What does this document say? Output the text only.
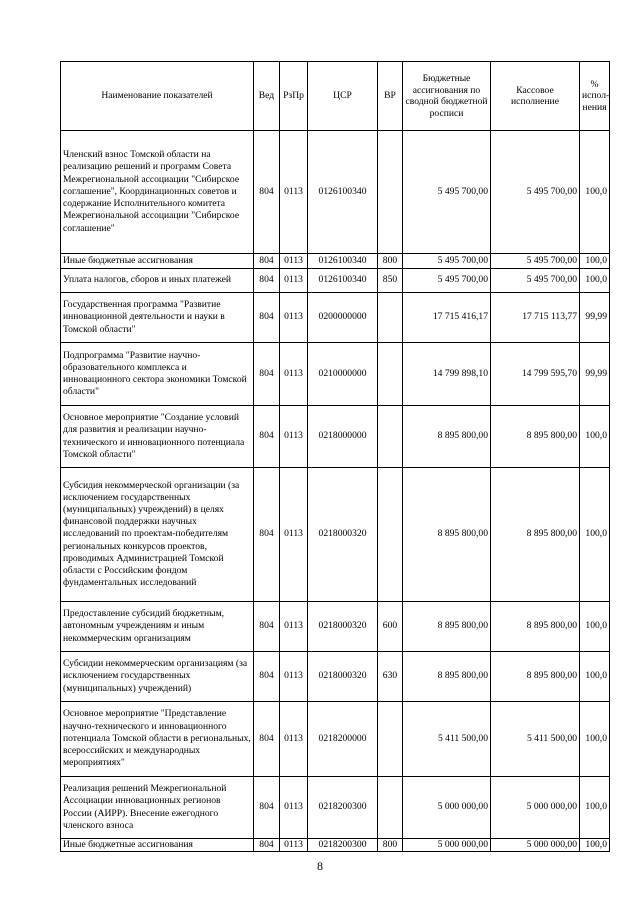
Наименование показателей	Вед	РзПр	ЦСР	ВР	Бюджетные ассигнования по сводной бюджетной росписи	Кассовое исполнение	% испол-нения
Членский взнос Томской области на реализацию решений и программ Совета Межрегиональной ассоциации "Сибирское соглашение", Координационных советов и содержание Исполнительного комитета Межрегиональной ассоциации "Сибирское соглашение"	804	0113	0126100340		5 495 700,00	5 495 700,00	100,0
Иные бюджетные ассигнования	804	0113	0126100340	800	5 495 700,00	5 495 700,00	100,0
Уплата налогов, сборов и иных платежей	804	0113	0126100340	850	5 495 700,00	5 495 700,00	100,0
Государственная программа "Развитие инновационной деятельности и науки в Томской области"	804	0113	0200000000		17 715 416,17	17 715 113,77	99,99
Подпрограмма "Развитие научно-образовательного комплекса и инновационного сектора экономики Томской области"	804	0113	0210000000		14 799 898,10	14 799 595,70	99,99
Основное мероприятие "Создание условий для развития и реализации научно-технического и инновационного потенциала Томской области"	804	0113	0218000000		8 895 800,00	8 895 800,00	100,0
Субсидия некоммерческой организации (за исключением государственных (муниципальных) учреждений) в целях финансовой поддержки научных исследований по проектам-победителям региональных конкурсов проектов, проводимых Администрацией Томской области с Российским фондом фундаментальных исследований	804	0113	0218000320		8 895 800,00	8 895 800,00	100,0
Предоставление субсидий бюджетным, автономным учреждениям и иным некоммерческим организациям	804	0113	0218000320	600	8 895 800,00	8 895 800,00	100,0
Субсидии некоммерческим организациям (за исключением государственных (муниципальных) учреждений)	804	0113	0218000320	630	8 895 800,00	8 895 800,00	100,0
Основное мероприятие "Представление научно-технического и инновационного потенциала Томской области в региональных, всероссийских и международных мероприятиях"	804	0113	0218200000		5 411 500,00	5 411 500,00	100,0
Реализация решений Межрегиональной Ассоциации инновационных регионов России (АИРР). Внесение ежегодного членского взноса	804	0113	0218200300		5 000 000,00	5 000 000,00	100,0
Иные бюджетные ассигнования	804	0113	0218200300	800	5 000 000,00	5 000 000,00	100,0
8
